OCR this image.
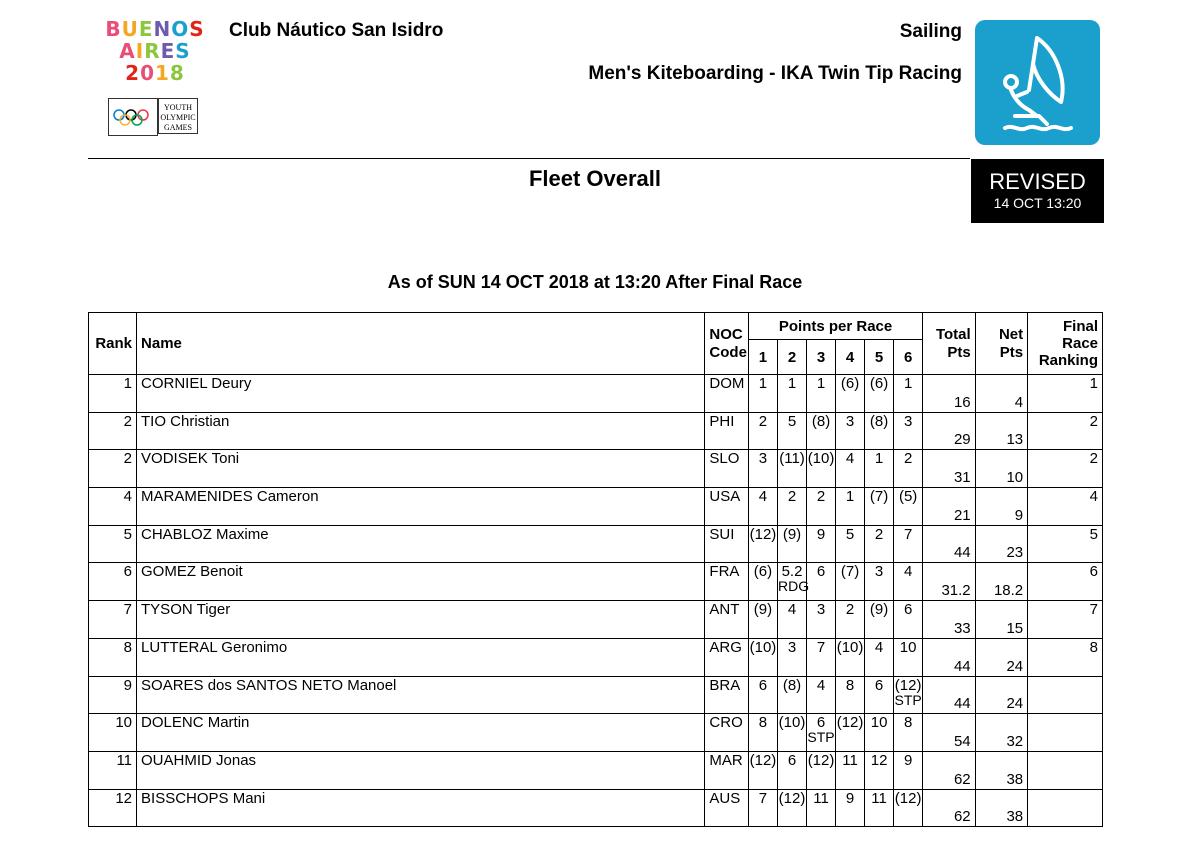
BUENOS
AIRES
2018
YOUTH OLYMPIC GAMES
Club Náutico San Isidro	Sailing
Men's Kiteboarding - IKA Twin Tip Racing
Fleet Overall	REVISED
14 OCT 13:20
As of SUN 14 OCT 2018 at 13:20 After Final Race
Rank	Name	NOC
Code	Points per Race						Total
Pts	Net
Pts	Final
Race
Ranking
			1	2	3	4	5	6			
1	CORNIEL Deury	DOM	1	1	1	(6)	(6)	1	16	4	1
2	TIO Christian	PHI	2	5	(8)	3	(8)	3	29	13	2
2	VODISEK Toni	SLO	3	(11)	(10)	4	1	2	31	10	2
4	MARAMENIDES Cameron	USA	4	2	2	1	(7)	(5)	21	9	4
5	CHABLOZ Maxime	SUI	(12)	(9)	9	5	2	7	44	23	5
6	GOMEZ Benoit	FRA	(6)	5.2
RDG	6	(7)	3	4	31.2	18.2	6
7	TYSON Tiger	ANT	(9)	4	3	2	(9)	6	33	15	7
8	LUTTERAL Geronimo	ARG	(10)	3	7	(10)	4	10	44	24	8
9	SOARES dos SANTOS NETO Manoel	BRA	6	(8)	4	8	6	(12)
STP	44	24	
10	DOLENC Martin	CRO	8	(10)	6
STP	(12)	10	8	54	32	
11	OUAHMID Jonas	MAR	(12)	6	(12)	11	12	9	62	38	
12	BISSCHOPS Mani	AUS	7	(12)	11	9	11	(12)	62	38	
